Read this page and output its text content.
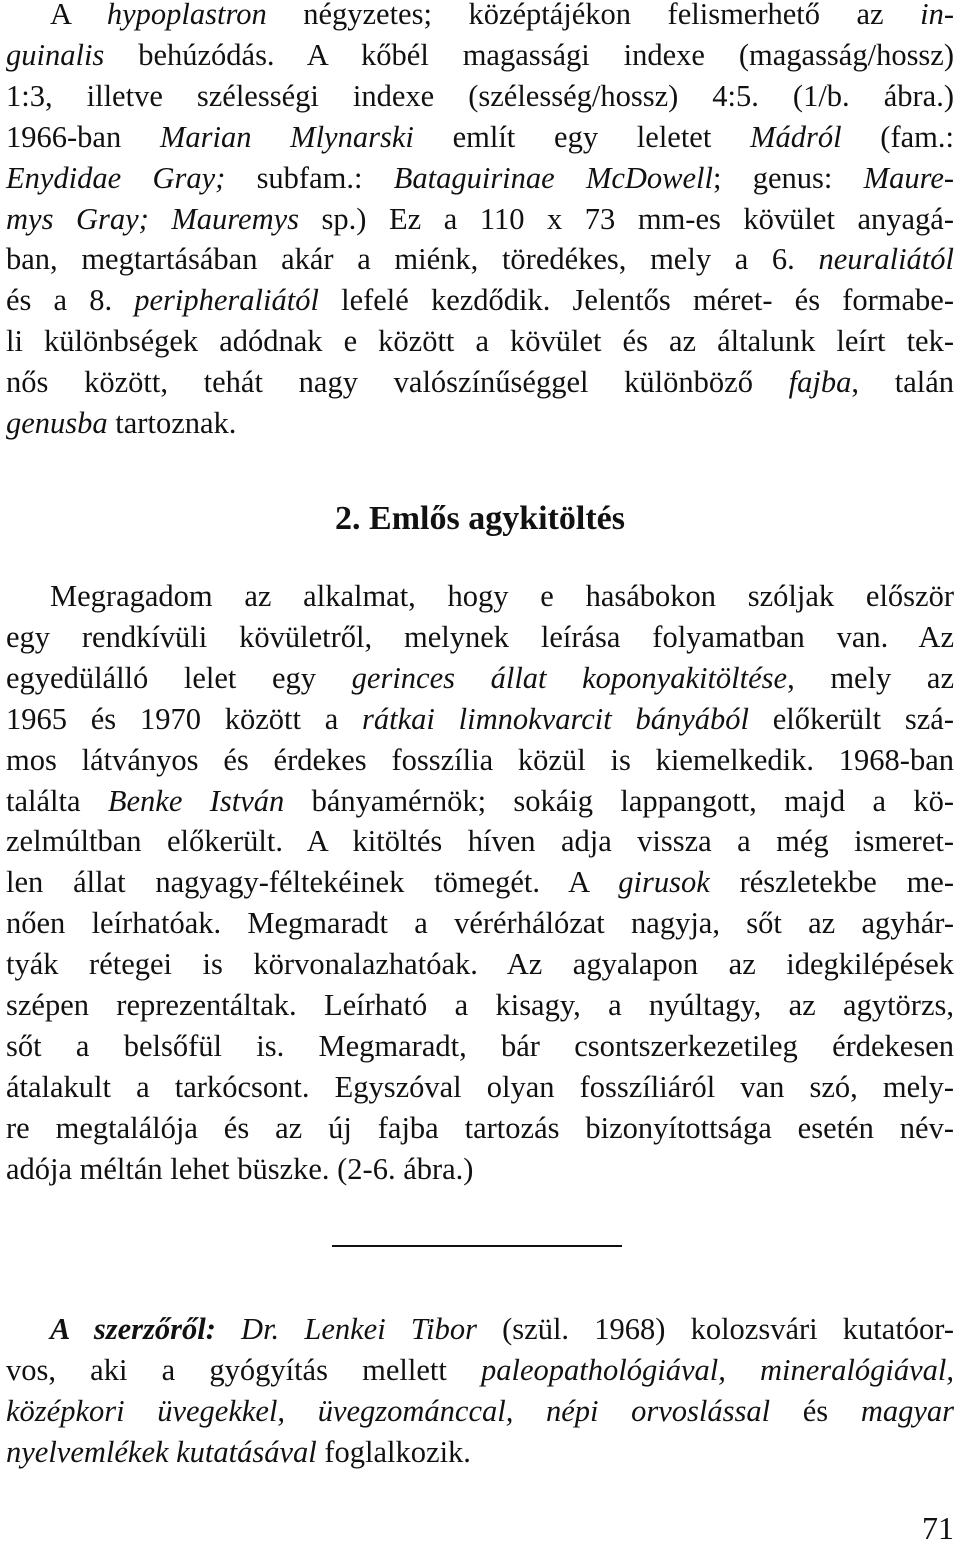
A hypoplastron négyzetes; középtájékon felismerhető az in-
guinalis behúzódás. A kőbél magassági indexe (magasság/hossz)
1:3, illetve szélességi indexe (szélesség/hossz) 4:5. (1/b. ábra.)
1966-ban Marian Mlynarski említ egy leletet Mádról (fam.:
Enydidae Gray; subfam.: Bataguirinae McDowell; genus: Maure-
mys Gray; Mauremys sp.) Ez a 110 x 73 mm-es kövület anyagá-
ban, megtartásában akár a miénk, töredékes, mely a 6. neuraliától
és a 8. peripheraliától lefelé kezdődik. Jelentős méret- és formabe-
li különbségek adódnak e között a kövület és az általunk leírt tek-
nős között, tehát nagy valószínűséggel különböző fajba, talán
genusba tartoznak.
2. Emlős agykitöltés
Megragadom az alkalmat, hogy e hasábokon szóljak először
egy rendkívüli kövületről, melynek leírása folyamatban van. Az
egyedülálló lelet egy gerinces állat koponyakitöltése, mely az
1965 és 1970 között a rátkai limnokvarcit bányából előkerült szá-
mos látványos és érdekes fosszília közül is kiemelkedik. 1968-ban
találta Benke István bányamérnök; sokáig lappangott, majd a kö-
zelmúltban előkerült. A kitöltés híven adja vissza a még ismeret-
len állat nagyagy-féltekéinek tömegét. A girusok részletekbe me-
nően leírhatóak. Megmaradt a vérérhálózat nagyja, sőt az agyhár-
tyák rétegei is körvonalazhatóak. Az agyalapon az idegkilépések
szépen reprezentáltak. Leírható a kisagy, a nyúltagy, az agytörzs,
sőt a belsőfül is. Megmaradt, bár csontszerkezetileg érdekesen
átalakult a tarkócsont. Egyszóval olyan fosszíliáról van szó, mely-
re megtalálója és az új fajba tartozás bizonyítottsága esetén név-
adója méltán lehet büszke. (2-6. ábra.)
A szerzőről: Dr. Lenkei Tibor (szül. 1968) kolozsvári kutatóor-
vos, aki a gyógyítás mellett paleopathológiával, mineralógiával,
középkori üvegekkel, üvegzománccal, népi orvoslással és magyar
nyelvemlékek kutatásával foglalkozik.
71
